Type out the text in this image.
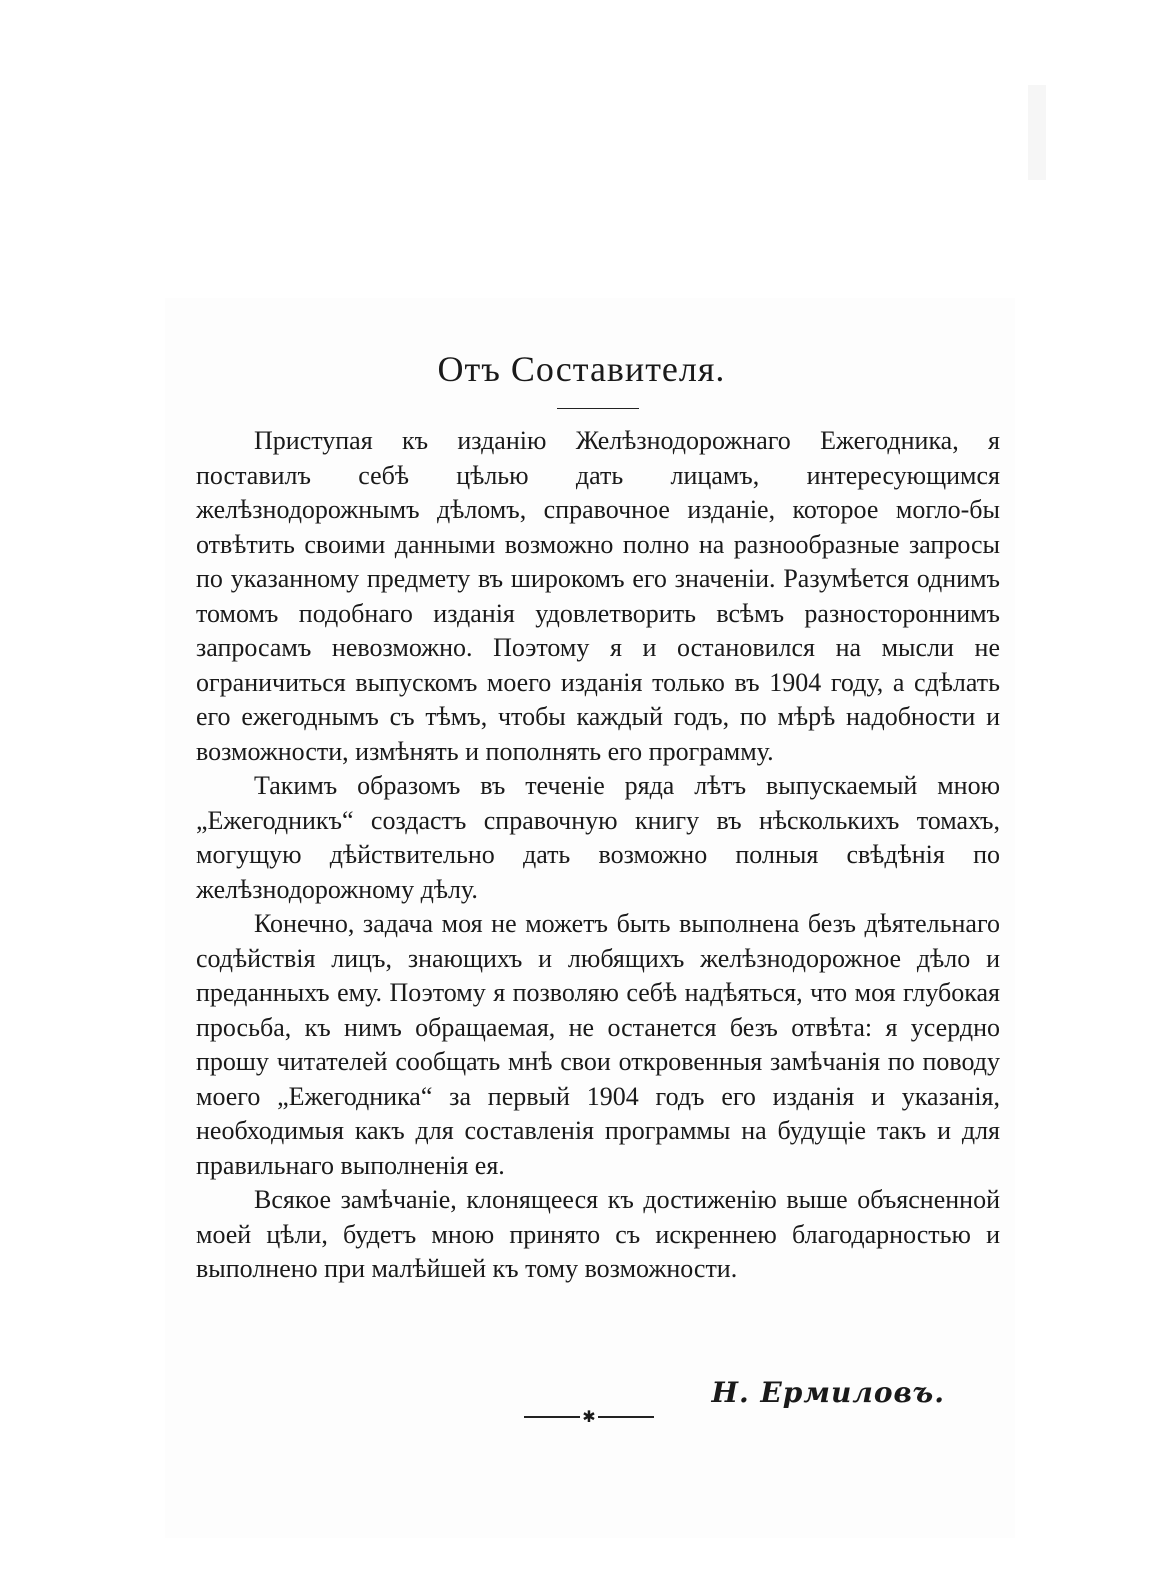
Отъ Составителя.

Приступая къ изданію Желѣзнодорожнаго Ежегодника, я поставилъ себѣ цѣлью дать лицамъ, интересующимся желѣзнодорожнымъ дѣломъ, справочное изданіе, которое могло-бы отвѣтить своими данными возможно полно на разнообразные запросы по указанному предмету въ широкомъ его значеніи. Разумѣется однимъ томомъ подобнаго изданія удовлетворить всѣмъ разностороннимъ запросамъ невозможно. Поэтому я и остановился на мысли не ограничиться выпускомъ моего изданія только въ 1904 году, а сдѣлать его ежегоднымъ съ тѣмъ, чтобы каждый годъ, по мѣрѣ надобности и возможности, измѣнять и пополнять его программу.

Такимъ образомъ въ теченіе ряда лѣтъ выпускаемый мною „Ежегодникъ“ создастъ справочную книгу въ нѣсколькихъ томахъ, могущую дѣйствительно дать возможно полныя свѣдѣнія по желѣзнодорожному дѣлу.

Конечно, задача моя не можетъ быть выполнена безъ дѣятельнаго содѣйствія лицъ, знающихъ и любящихъ желѣзнодорожное дѣло и преданныхъ ему. Поэтому я позволяю себѣ надѣяться, что моя глубокая просьба, къ нимъ обращаемая, не останется безъ отвѣта: я усердно прошу читателей сообщать мнѣ свои откровенныя замѣчанія по поводу моего „Ежегодника“ за первый 1904 годъ его изданія и указанія, необходимыя какъ для составленія программы на будущіе такъ и для правильнаго выполненія ея.

Всякое замѣчаніе, клонящееся къ достиженію выше объясненной моей цѣли, будетъ мною принято съ искреннею благодарностью и выполнено при малѣйшей къ тому возможности.

Н. Ермиловъ.
✱
